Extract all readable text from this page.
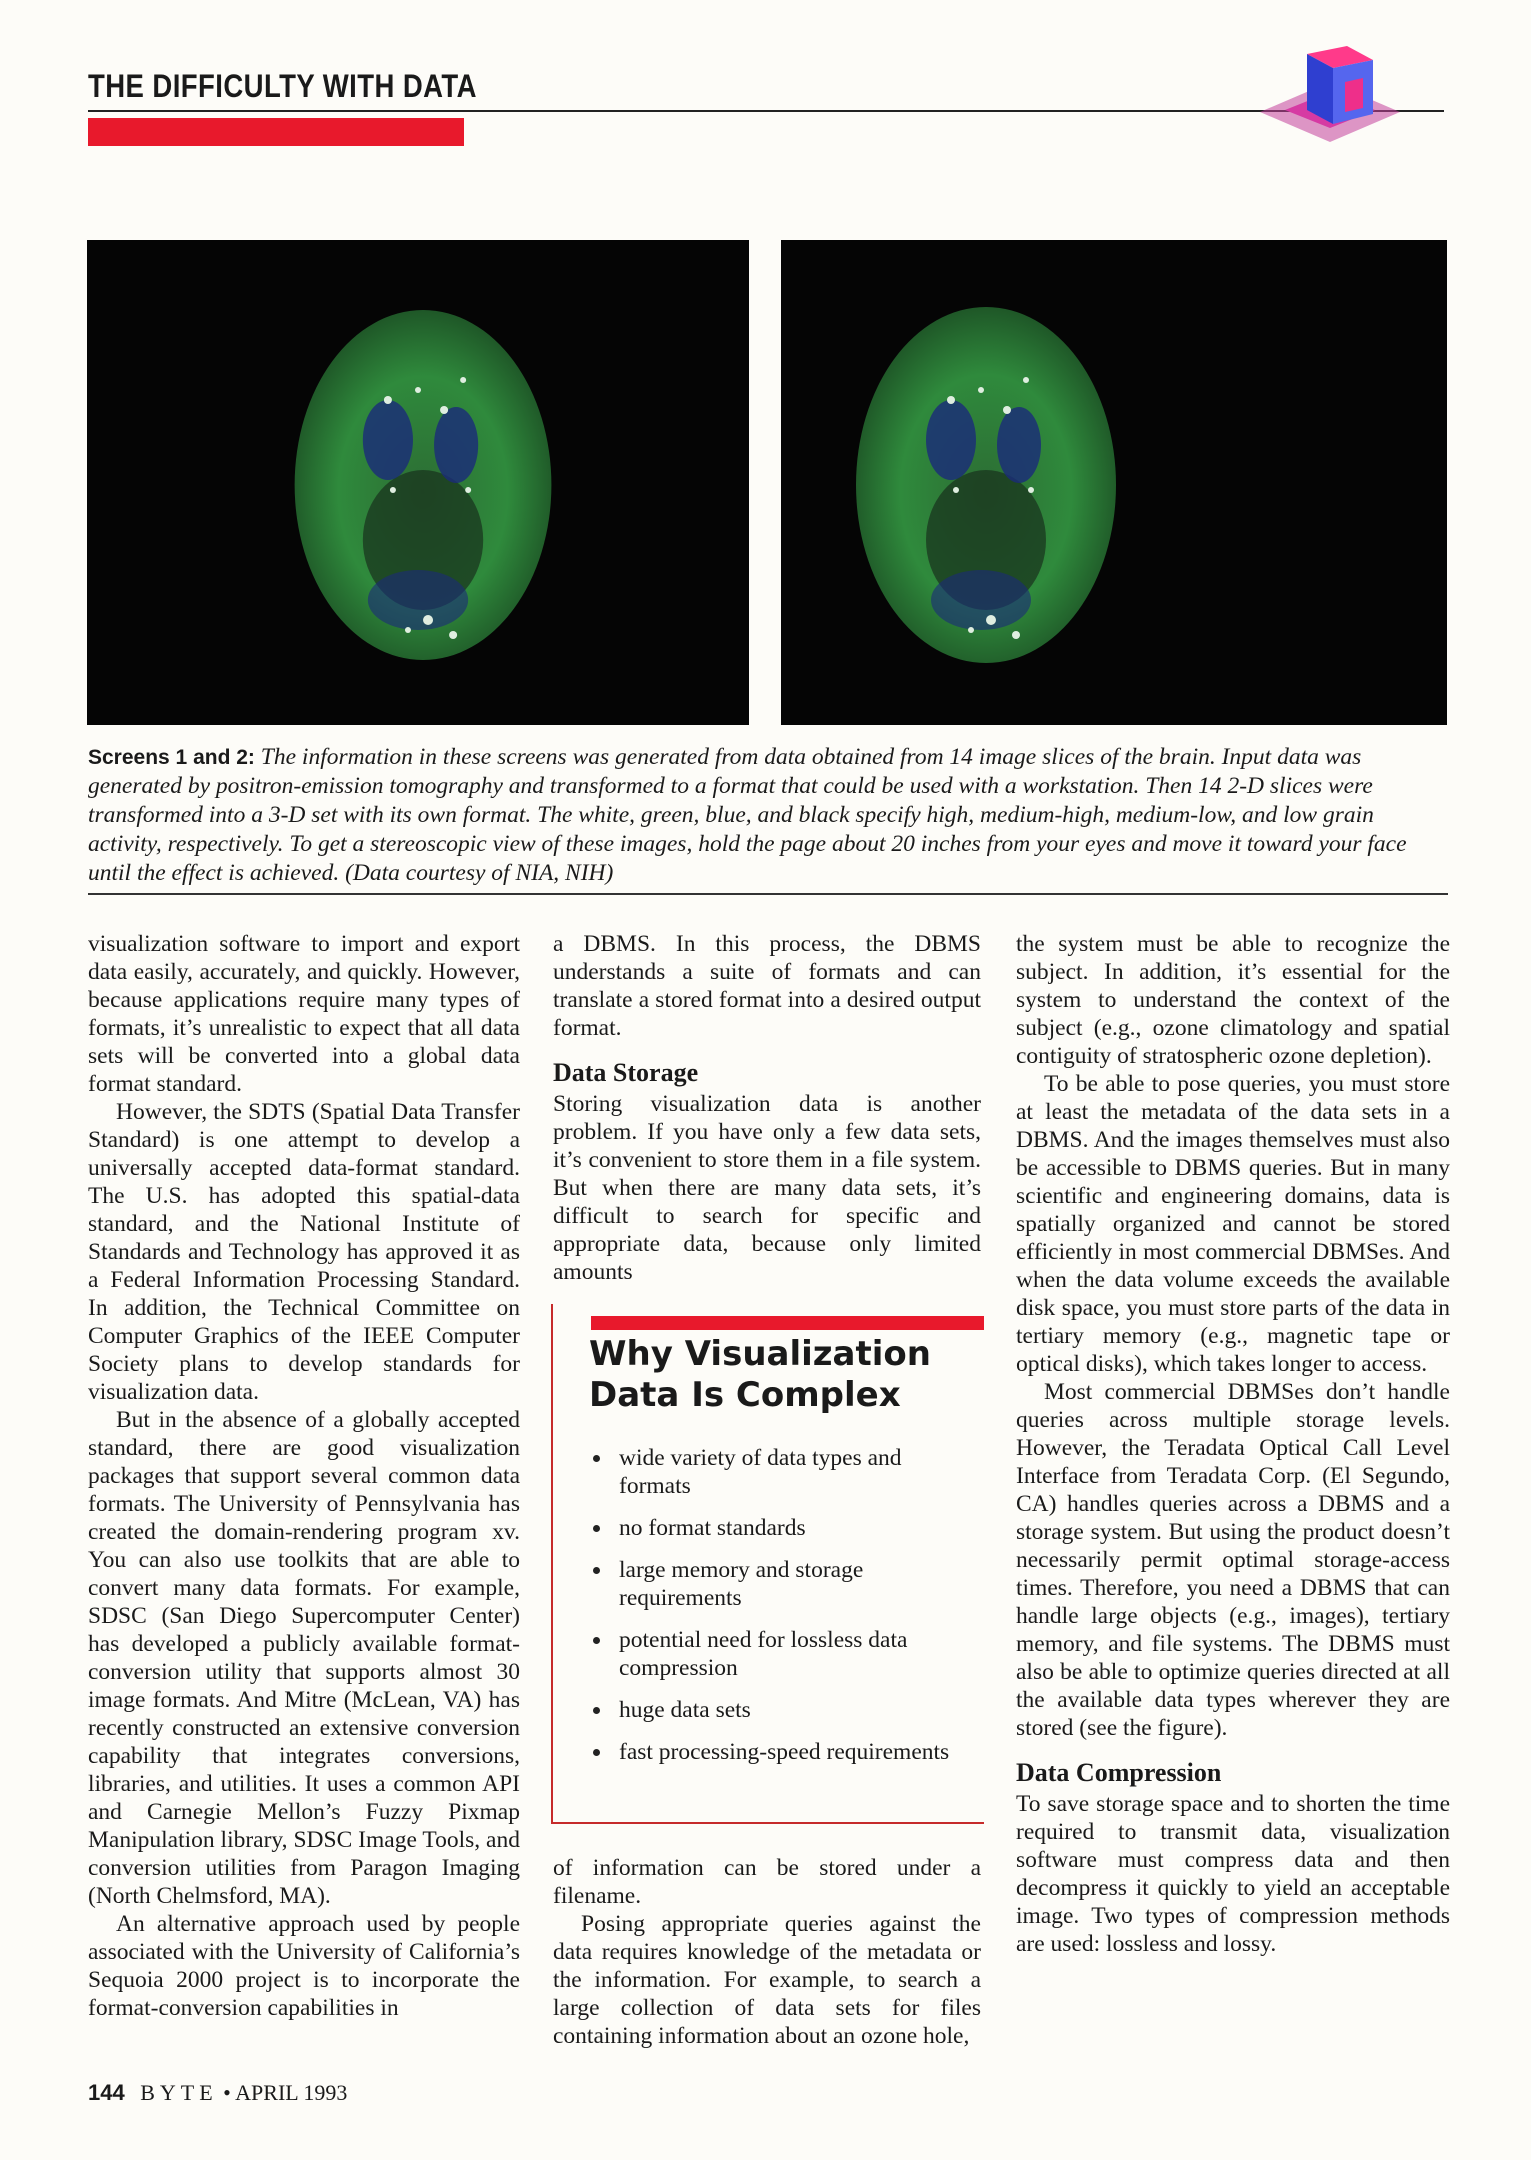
THE DIFFICULTY WITH DATA
Screens 1 and 2: The information in these screens was generated from data obtained from 14 image slices of the brain. Input data was generated by positron-emission tomography and transformed to a format that could be used with a workstation. Then 14 2-D slices were transformed into a 3-D set with its own format. The white, green, blue, and black specify high, medium-high, medium-low, and low grain activity, respectively. To get a stereoscopic view of these images, hold the page about 20 inches from your eyes and move it toward your face until the effect is achieved. (Data courtesy of NIA, NIH)

visualization software to import and export data easily, accurately, and quickly. However, because applications require many types of formats, it’s unrealistic to expect that all data sets will be converted into a global data format standard.

However, the SDTS (Spatial Data Transfer Standard) is one attempt to develop a universally accepted data-format standard. The U.S. has adopted this spatial-data standard, and the National Institute of Standards and Technology has approved it as a Federal Information Processing Standard. In addition, the Technical Committee on Computer Graphics of the IEEE Computer Society plans to develop standards for visualization data.

But in the absence of a globally accepted standard, there are good visualization packages that support several common data formats. The University of Pennsylvania has created the domain-rendering program xv. You can also use toolkits that are able to convert many data formats. For example, SDSC (San Diego Supercomputer Center) has developed a publicly available format-conversion utility that supports almost 30 image formats. And Mitre (McLean, VA) has recently constructed an extensive conversion capability that integrates conversions, libraries, and utilities. It uses a common API and Carnegie Mellon’s Fuzzy Pixmap Manipulation library, SDSC Image Tools, and conversion utilities from Paragon Imaging (North Chelmsford, MA).

An alternative approach used by people associated with the University of California’s Sequoia 2000 project is to incorporate the format-conversion capabilities in

a DBMS. In this process, the DBMS understands a suite of formats and can translate a stored format into a desired output format.

Data Storage

Storing visualization data is another problem. If you have only a few data sets, it’s convenient to store them in a file system. But when there are many data sets, it’s difficult to search for specific and appropriate data, because only limited amounts

Why Visualization Data Is Complex
wide variety of data types and formats
no format standards
large memory and storage requirements
potential need for lossless data compression
huge data sets
fast processing-speed requirements

of information can be stored under a filename.

Posing appropriate queries against the data requires knowledge of the metadata or the information. For example, to search a large collection of data sets for files containing information about an ozone hole,

the system must be able to recognize the subject. In addition, it’s essential for the system to understand the context of the subject (e.g., ozone climatology and spatial contiguity of stratospheric ozone depletion).

To be able to pose queries, you must store at least the metadata of the data sets in a DBMS. And the images themselves must also be accessible to DBMS queries. But in many scientific and engineering domains, data is spatially organized and cannot be stored efficiently in most commercial DBMSes. And when the data volume exceeds the available disk space, you must store parts of the data in tertiary memory (e.g., magnetic tape or optical disks), which takes longer to access.

Most commercial DBMSes don’t handle queries across multiple storage levels. However, the Teradata Optical Call Level Interface from Teradata Corp. (El Segundo, CA) handles queries across a DBMS and a storage system. But using the product doesn’t necessarily permit optimal storage-access times. Therefore, you need a DBMS that can handle large objects (e.g., images), tertiary memory, and file systems. The DBMS must also be able to optimize queries directed at all the available data types wherever they are stored (see the figure).

Data Compression

To save storage space and to shorten the time required to transmit data, visualization software must compress data and then decompress it quickly to yield an acceptable image. Two types of compression methods are used: lossless and lossy.

144 BYTE • APRIL 1993
